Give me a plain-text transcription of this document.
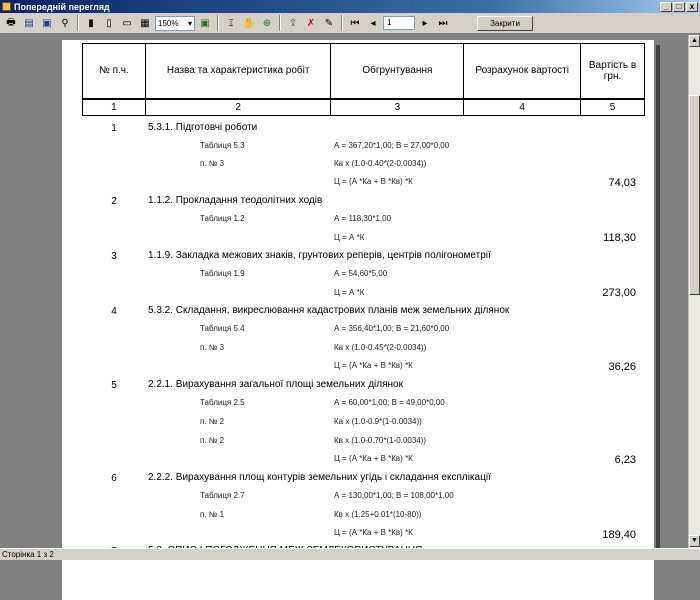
Попередній перегляд	_	□	x
🖶 ▤ ▣ ⚲	▮	▯	▭ ▦	150% ▾ ▣	𝙸 ✋ ⊕	⇪ ✗ ✎	⏮	◂	1	▸	⏭	Закрити
№ п.ч.	Назва та характеристика робіт	Обгрунтування	Розрахунок вартості	Вартість в грн.
1	2	3	4	5
1	5.3.1. Підготовчі роботи
Таблиця 5.3	А = 367,20*1,00; В = 27,00*0,00
п. № 3	Ка х (1.0-0.40*(2-0.0034))
Ц = (А *Ка + В *Кв) *К	74,03
2	1.1.2. Прокладання теодолітних ходів
Таблиця 1.2	А = 118,30*1,00
Ц = А *К	118,30
3	1.1.9. Закладка межових знаків, грунтових реперів, центрів полігонометрії
Таблиця 1.9	А = 54,60*5,00
Ц = А *К	273,00
4	5.3.2. Складання, викреслювання кадастрових планів меж земельних ділянок
Таблиця 5.4	А = 356,40*1,00; В = 21,60*0,00
п. № 3	Ка х (1.0-0.45*(2-0.0034))
Ц = (А *Ка + В *Кв) *К	36,26
5	2.2.1. Вирахування загальної площі земельних ділянок
Таблиця 2.5	А = 60,00*1,00; В = 49,00*0,00
п. № 2	Ка х (1.0-0.9*(1-0.0034))
п. № 2	Кв х (1.0-0.70*(1-0.0034))
Ц = (А *Ка + В *Кв) *К	6,23
6	2.2.2. Вирахування площ контурів земельних угідь і складання експлікації
Таблиця 2.7	А = 130,00*1,00; В = 108,00*1,00
п. № 1	Кв х (1.25+0.01*(10-80))
Ц = (А *Ка + В *Кв) *К	189,40
▲
▼
Сторінка 1 з 2
